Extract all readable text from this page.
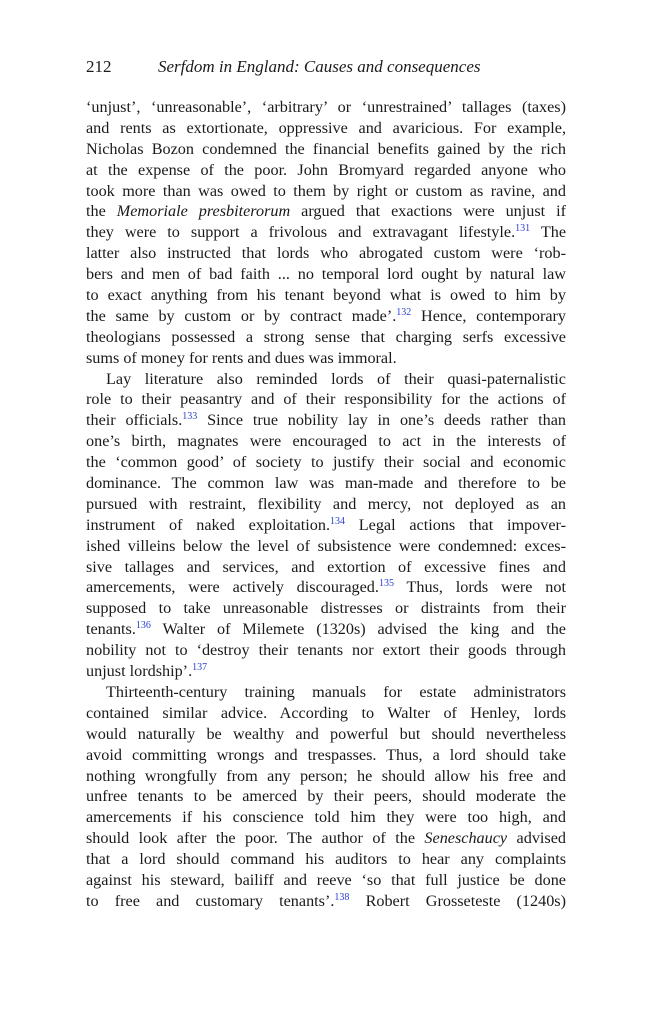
212	Serfdom in England: Causes and consequences
‘unjust’, ‘unreasonable’, ‘arbitrary’ or ‘unrestrained’ tallages (taxes)
and rents as extortionate, oppressive and avaricious. For example,
Nicholas Bozon condemned the financial benefits gained by the rich
at the expense of the poor. John Bromyard regarded anyone who
took more than was owed to them by right or custom as ravine, and
the Memoriale presbiterorum argued that exactions were unjust if
they were to support a frivolous and extravagant lifestyle.$^{131}$ The
latter also instructed that lords who abrogated custom were ‘rob-
bers and men of bad faith ... no temporal lord ought by natural law
to exact anything from his tenant beyond what is owed to him by
the same by custom or by contract made’.$^{132}$ Hence, contemporary
theologians possessed a strong sense that charging serfs excessive
sums of money for rents and dues was immoral.
Lay literature also reminded lords of their quasi-paternalistic
role to their peasantry and of their responsibility for the actions of
their officials.$^{133}$ Since true nobility lay in one’s deeds rather than
one’s birth, magnates were encouraged to act in the interests of
the ‘common good’ of society to justify their social and economic
dominance. The common law was man-made and therefore to be
pursued with restraint, flexibility and mercy, not deployed as an
instrument of naked exploitation.$^{134}$ Legal actions that impover-
ished villeins below the level of subsistence were condemned: exces-
sive tallages and services, and extortion of excessive fines and
amercements, were actively discouraged.$^{135}$ Thus, lords were not
supposed to take unreasonable distresses or distraints from their
tenants.$^{136}$ Walter of Milemete (1320s) advised the king and the
nobility not to ‘destroy their tenants nor extort their goods through
unjust lordship’.$^{137}$
Thirteenth-century training manuals for estate administrators
contained similar advice. According to Walter of Henley, lords
would naturally be wealthy and powerful but should nevertheless
avoid committing wrongs and trespasses. Thus, a lord should take
nothing wrongfully from any person; he should allow his free and
unfree tenants to be amerced by their peers, should moderate the
amercements if his conscience told him they were too high, and
should look after the poor. The author of the Seneschaucy advised
that a lord should command his auditors to hear any complaints
against his steward, bailiff and reeve ‘so that full justice be done
to free and customary tenants’.$^{138}$ Robert Grosseteste (1240s)
